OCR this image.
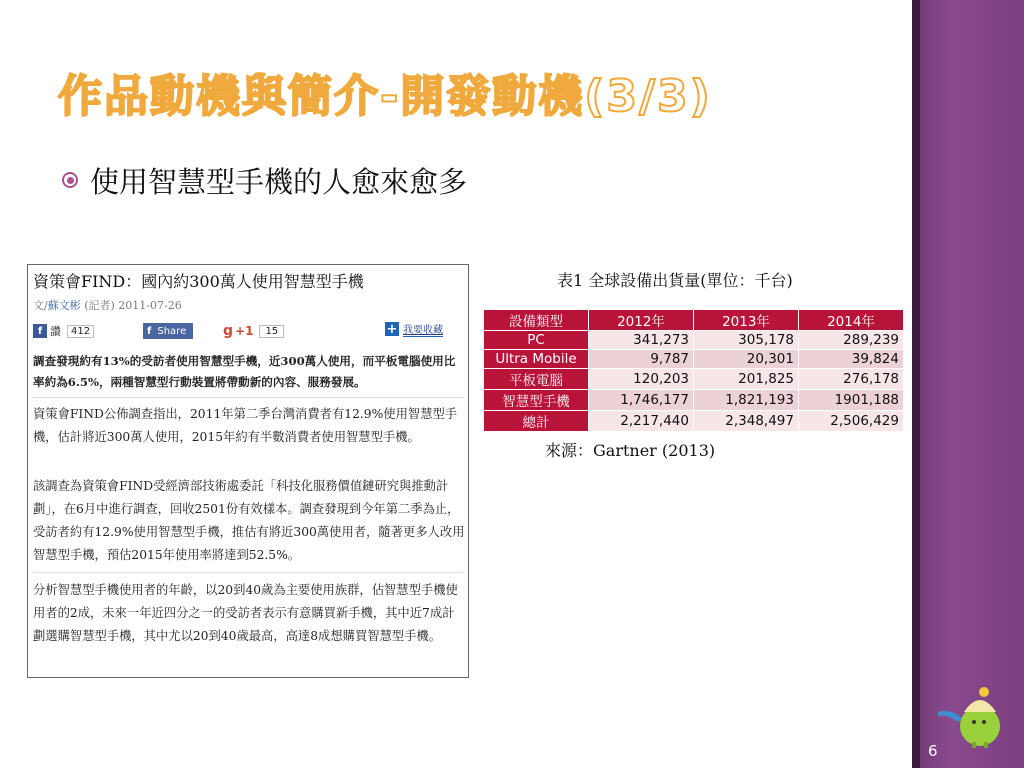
作品動機與簡介-開發動機(3/3)
使用智慧型手機的人愈來愈多
資策會FIND：國內約300萬人使用智慧型手機
文/蘇文彬 (記者) 2011-07-26
f 讚	412	f Share	g +1	15	+ 我要收藏
調查發現約有13%的受訪者使用智慧型手機，近300萬人使用，而平板電腦使用比率約為6.5%，兩種智慧型行動裝置將帶動新的內容、服務發展。
資策會FIND公佈調查指出，2011年第二季台灣消費者有12.9%使用智慧型手機，估計將近300萬人使用，2015年約有半數消費者使用智慧型手機。
該調查為資策會FIND受經濟部技術處委託「科技化服務價值鏈研究與推動計劃」，在6月中進行調查，回收2501份有效樣本。調查發現到今年第二季為止，受訪者約有12.9%使用智慧型手機，推估有將近300萬使用者，隨著更多人改用智慧型手機，預估2015年使用率將達到52.5%。
分析智慧型手機使用者的年齡，以20到40歲為主要使用族群，佔智慧型手機使用者的2成，未來一年近四分之一的受訪者表示有意購買新手機，其中近7成計劃選購智慧型手機，其中尤以20到40歲最高，高達8成想購買智慧型手機。
表1 全球設備出貨量(單位：千台)
設備類型	2012年	2013年	2014年
PC	341,273	305,178	289,239
Ultra Mobile	9,787	20,301	39,824
平板電腦	120,203	201,825	276,178
智慧型手機	1,746,177	1,821,193	1901,188
總計	2,217,440	2,348,497	2,506,429
來源：Gartner (2013)
6
